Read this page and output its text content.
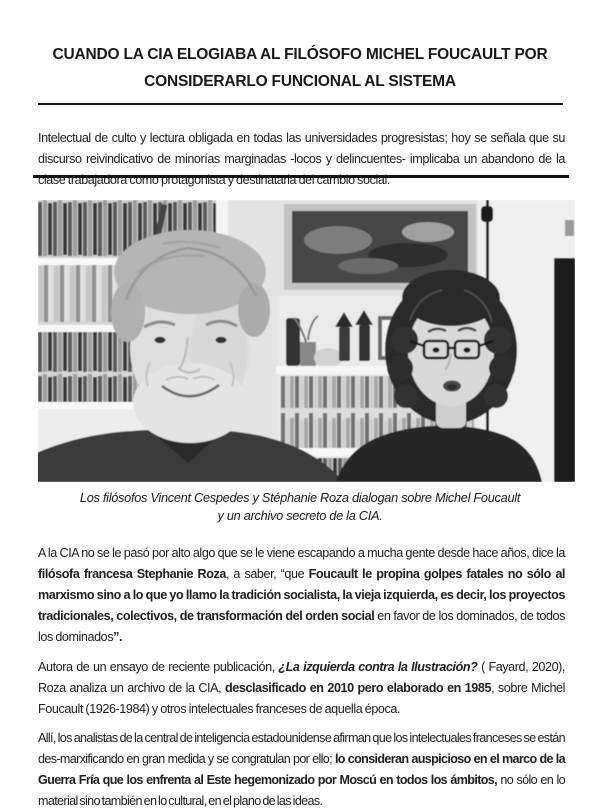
CUANDO LA CIA ELOGIABA AL FILÓSOFO MICHEL FOUCAULT POR
CONSIDERARLO FUNCIONAL AL SISTEMA

Intelectual de culto y lectura obligada en todas las universidades progresistas; hoy se señala que su discurso reivindicativo de minorías marginadas -locos y delincuentes- implicaba un abandono de la clase trabajadora como protagonista y destinataria del cambio social.

Los filósofos Vincent Cespedes y Stéphanie Roza dialogan sobre Michel Foucault
y un archivo secreto de la CIA.

A la CIA no se le pasó por alto algo que se le viene escapando a mucha gente desde hace años, dice la filósofa francesa Stephanie Roza, a saber, “que Foucault le propina golpes fatales no sólo al marxismo sino a lo que yo llamo la tradición socialista, la vieja izquierda, es decir, los proyectos tradicionales, colectivos, de transformación del orden social en favor de los dominados, de todos los dominados”.

Autora de un ensayo de reciente publicación, ¿La izquierda contra la Ilustración? ( Fayard, 2020), Roza analiza un archivo de la CIA, desclasificado en 2010 pero elaborado en 1985, sobre Michel Foucault (1926-1984) y otros intelectuales franceses de aquella época.

Allí, los analistas de la central de inteligencia estadounidense afirman que los intelectuales franceses se están des-marxificando en gran medida y se congratulan por ello; lo consideran auspicioso en el marco de la Guerra Fría que los enfrenta al Este hegemonizado por Moscú en todos los ámbitos, no sólo en lo material sino también en lo cultural, en el plano de las ideas.
